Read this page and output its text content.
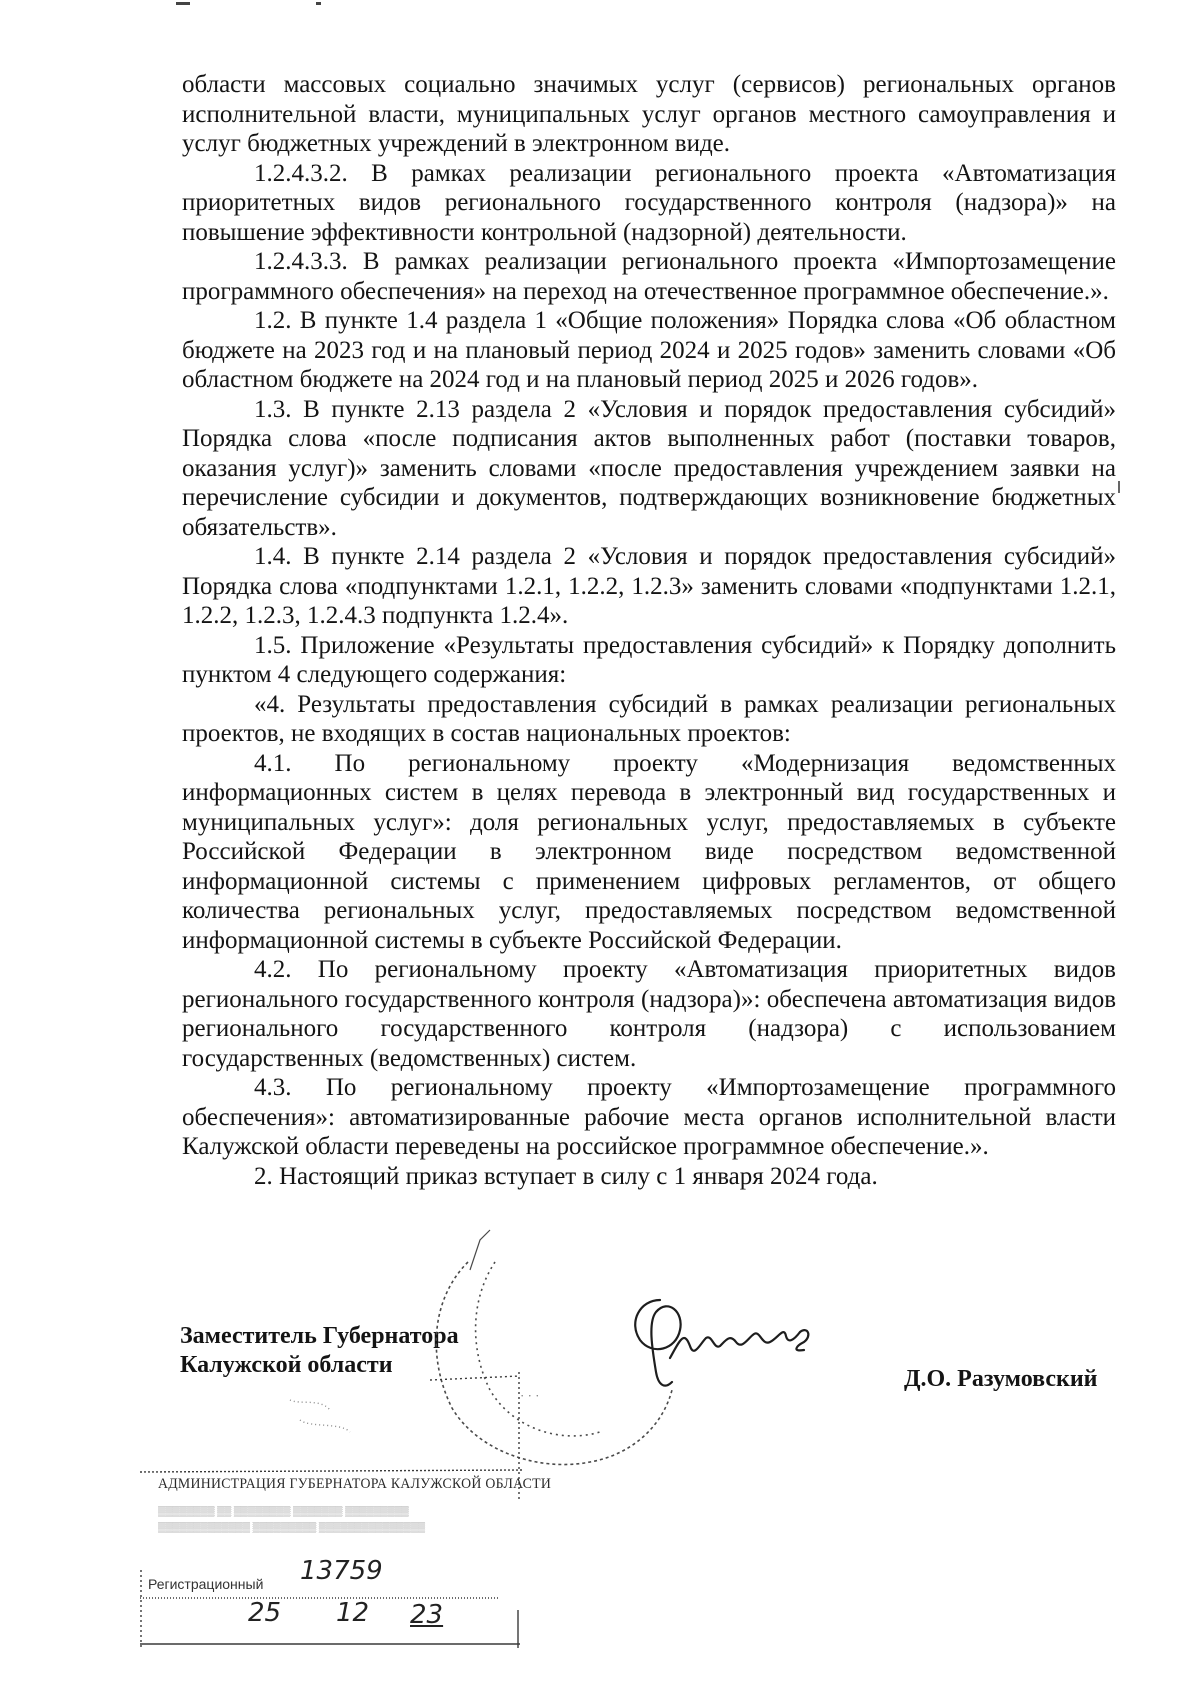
области массовых социально значимых услуг (сервисов) региональных органов исполнительной власти, муниципальных услуг органов местного самоуправления и услуг бюджетных учреждений в электронном виде.

1.2.4.3.2. В рамках реализации регионального проекта «Автоматизация приоритетных видов регионального государственного контроля (надзора)» на повышение эффективности контрольной (надзорной) деятельности.

1.2.4.3.3. В рамках реализации регионального проекта «Импортозамещение программного обеспечения» на переход на отечественное программное обеспечение.».

1.2. В пункте 1.4 раздела 1 «Общие положения» Порядка слова «Об областном бюджете на 2023 год и на плановый период 2024 и 2025 годов» заменить словами «Об областном бюджете на 2024 год и на плановый период 2025 и 2026 годов».

1.3. В пункте 2.13 раздела 2 «Условия и порядок предоставления субсидий» Порядка слова «после подписания актов выполненных работ (поставки товаров, оказания услуг)» заменить словами «после предоставления учреждением заявки на перечисление субсидии и документов, подтверждающих возникновение бюджетных обязательств».

1.4. В пункте 2.14 раздела 2 «Условия и порядок предоставления субсидий» Порядка слова «подпунктами 1.2.1, 1.2.2, 1.2.3» заменить словами «подпунктами 1.2.1, 1.2.2, 1.2.3, 1.2.4.3 подпункта 1.2.4».

1.5. Приложение «Результаты предоставления субсидий» к Порядку дополнить пунктом 4 следующего содержания:

«4. Результаты предоставления субсидий в рамках реализации региональных проектов, не входящих в состав национальных проектов:

4.1. По региональному проекту «Модернизация ведомственных информационных систем в целях перевода в электронный вид государственных и муниципальных услуг»: доля региональных услуг, предоставляемых в субъекте Российской Федерации в электронном виде посредством ведомственной информационной системы с применением цифровых регламентов, от общего количества региональных услуг, предоставляемых посредством ведомственной информационной системы в субъекте Российской Федерации.

4.2. По региональному проекту «Автоматизация приоритетных видов регионального государственного контроля (надзора)»: обеспечена автоматизация видов регионального государственного контроля (надзора) с использованием государственных (ведомственных) систем.

4.3. По региональному проекту «Импортозамещение программного обеспечения»: автоматизированные рабочие места органов исполнительной власти Калужской области переведены на российское программное обеспечение.».

2. Настоящий приказ вступает в силу с 1 января 2024 года.

Заместитель Губернатора
Калужской области
Д.О. Разумовский
· · ·
АДМИНИСТРАЦИЯ ГУБЕРНАТОРА КАЛУЖСКОЙ ОБЛАСТИ
▒▒▒▒▒▒▒▒ ▒▒ ▒▒▒▒▒▒▒▒ ▒▒▒▒▒▒▒ ▒▒▒▒▒▒▒▒▒
▒▒▒▒▒▒▒▒▒▒▒▒▒ ▒▒▒▒▒▒▒▒▒ ▒▒▒▒▒▒▒▒▒▒▒▒▒▒▒
Регистрационный 13759
25 12 23
